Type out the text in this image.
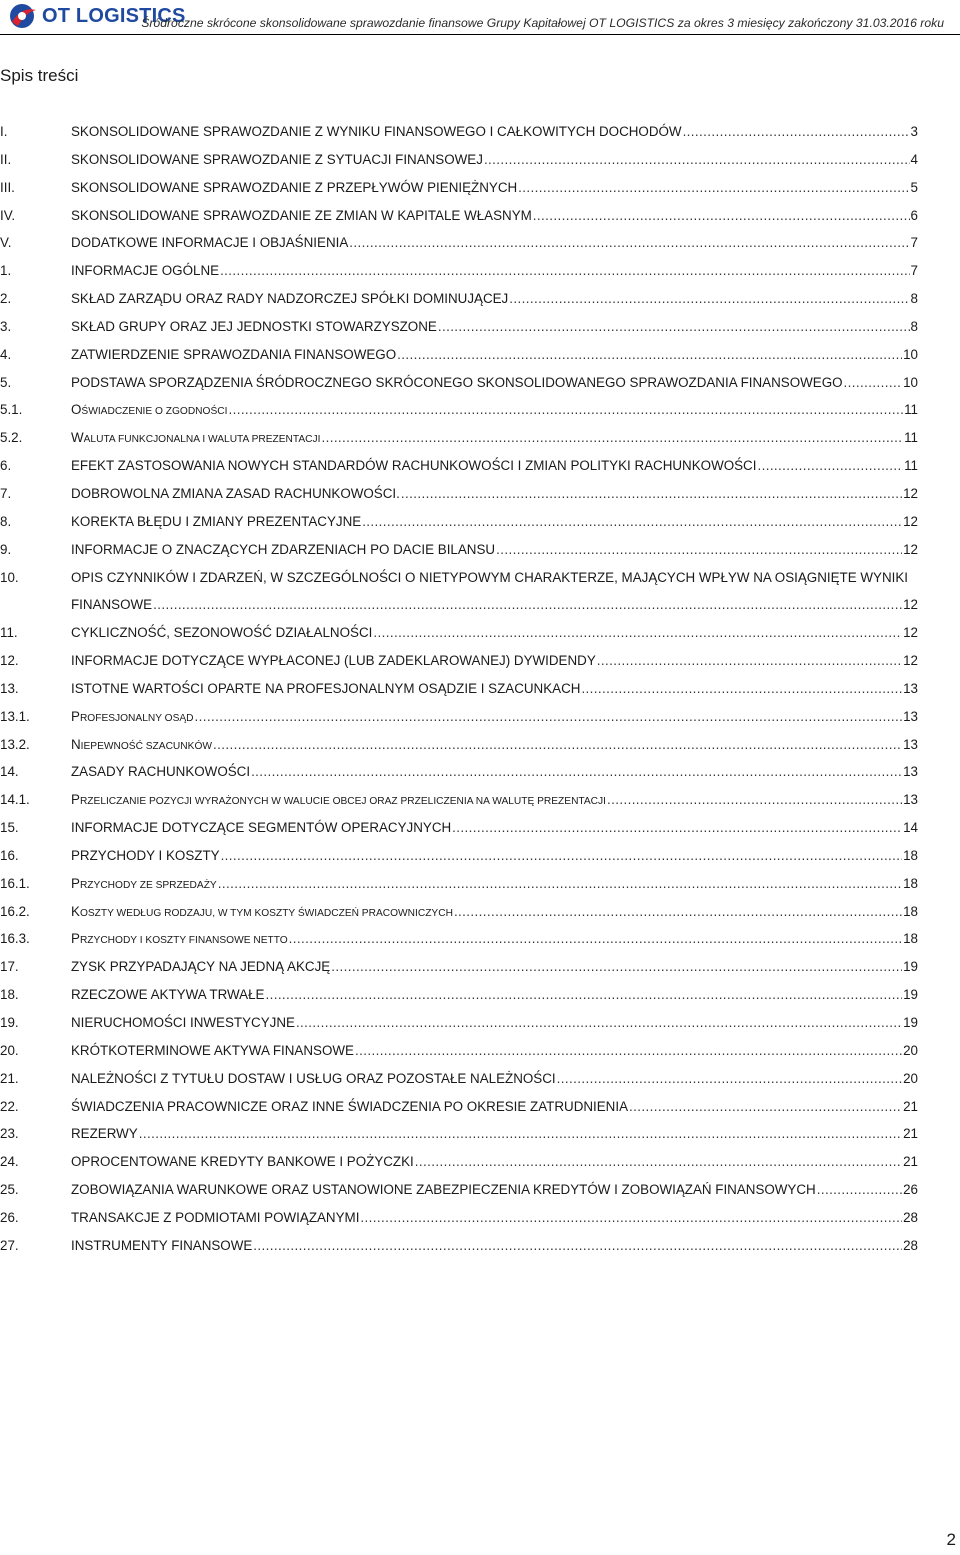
OT LOGISTICS
Śródroczne skrócone skonsolidowane sprawozdanie finansowe Grupy Kapitałowej OT LOGISTICS za okres 3 miesięcy zakończony 31.03.2016 roku
Spis treści
I.	SKONSOLIDOWANE SPRAWOZDANIE Z WYNIKU FINANSOWEGO I CAŁKOWITYCH DOCHODÓW .....	3
II.	SKONSOLIDOWANE SPRAWOZDANIE Z SYTUACJI FINANSOWEJ .....	4
III.	SKONSOLIDOWANE SPRAWOZDANIE Z PRZEPŁYWÓW PIENIĘŻNYCH .....	5
IV.	SKONSOLIDOWANE SPRAWOZDANIE ZE ZMIAN W KAPITALE WŁASNYM .....	6
V.	DODATKOWE INFORMACJE I OBJAŚNIENIA .....	7
1.	INFORMACJE OGÓLNE .....	7
2.	SKŁAD ZARZĄDU ORAZ RADY NADZORCZEJ SPÓŁKI DOMINUJĄCEJ .....	8
3.	SKŁAD GRUPY ORAZ JEJ JEDNOSTKI STOWARZYSZONE .....	8
4.	ZATWIERDZENIE SPRAWOZDANIA FINANSOWEGO .....	10
5.	PODSTAWA SPORZĄDZENIA ŚRÓDROCZNEGO SKRÓCONEGO SKONSOLIDOWANEGO SPRAWOZDANIA FINANSOWEGO .....	10
5.1.	OŚWIADCZENIE O ZGODNOŚCI .....	11
5.2.	WALUTA FUNKCJONALNA I WALUTA PREZENTACJI .....	11
6.	EFEKT ZASTOSOWANIA NOWYCH STANDARDÓW RACHUNKOWOŚCI I ZMIAN POLITYKI RACHUNKOWOŚCI .....	11
7.	DOBROWOLNA ZMIANA ZASAD RACHUNKOWOŚCI. .....	12
8.	KOREKTA BŁĘDU I ZMIANY PREZENTACYJNE .....	12
9.	INFORMACJE O ZNACZĄCYCH ZDARZENIACH PO DACIE BILANSU .....	12
10.	OPIS CZYNNIKÓW I ZDARZEŃ, W SZCZEGÓLNOŚCI O NIETYPOWYM CHARAKTERZE, MAJĄCYCH WPŁYW NA OSIĄGNIĘTE WYNIKI
FINANSOWE .....	12
11.	CYKLICZNOŚĆ, SEZONOWOŚĆ DZIAŁALNOŚCI .....	12
12.	INFORMACJE DOTYCZĄCE WYPŁACONEJ (LUB ZADEKLAROWANEJ) DYWIDENDY .....	12
13.	ISTOTNE WARTOŚCI OPARTE NA PROFESJONALNYM OSĄDZIE I SZACUNKACH .....	13
13.1.	PROFESJONALNY OSĄD .....	13
13.2.	NIEPEWNOŚĆ SZACUNKÓW .....	13
14.	ZASADY RACHUNKOWOŚCI .....	13
14.1.	PRZELICZANIE POZYCJI WYRAŻONYCH W WALUCIE OBCEJ ORAZ PRZELICZENIA NA WALUTĘ PREZENTACJI .....	13
15.	INFORMACJE DOTYCZĄCE SEGMENTÓW OPERACYJNYCH .....	14
16.	PRZYCHODY I KOSZTY .....	18
16.1.	PRZYCHODY ZE SPRZEDAŻY .....	18
16.2.	KOSZTY WEDŁUG RODZAJU, W TYM KOSZTY ŚWIADCZEŃ PRACOWNICZYCH .....	18
16.3.	PRZYCHODY I KOSZTY FINANSOWE NETTO .....	18
17.	ZYSK PRZYPADAJĄCY NA JEDNĄ AKCJĘ .....	19
18.	RZECZOWE AKTYWA TRWAŁE .....	19
19.	NIERUCHOMOŚCI INWESTYCYJNE .....	19
20.	KRÓTKOTERMINOWE AKTYWA FINANSOWE .....	20
21.	NALEŻNOŚCI Z TYTUŁU DOSTAW I USŁUG ORAZ POZOSTAŁE NALEŻNOŚCI .....	20
22.	ŚWIADCZENIA PRACOWNICZE ORAZ INNE ŚWIADCZENIA PO OKRESIE ZATRUDNIENIA .....	21
23.	REZERWY .....	21
24.	OPROCENTOWANE KREDYTY BANKOWE I POŻYCZKI .....	21
25.	ZOBOWIĄZANIA WARUNKOWE ORAZ USTANOWIONE ZABEZPIECZENIA KREDYTÓW I ZOBOWIĄZAŃ FINANSOWYCH .....	26
26.	TRANSAKCJE Z PODMIOTAMI POWIĄZANYMI .....	28
27.	INSTRUMENTY FINANSOWE .....	28
2
